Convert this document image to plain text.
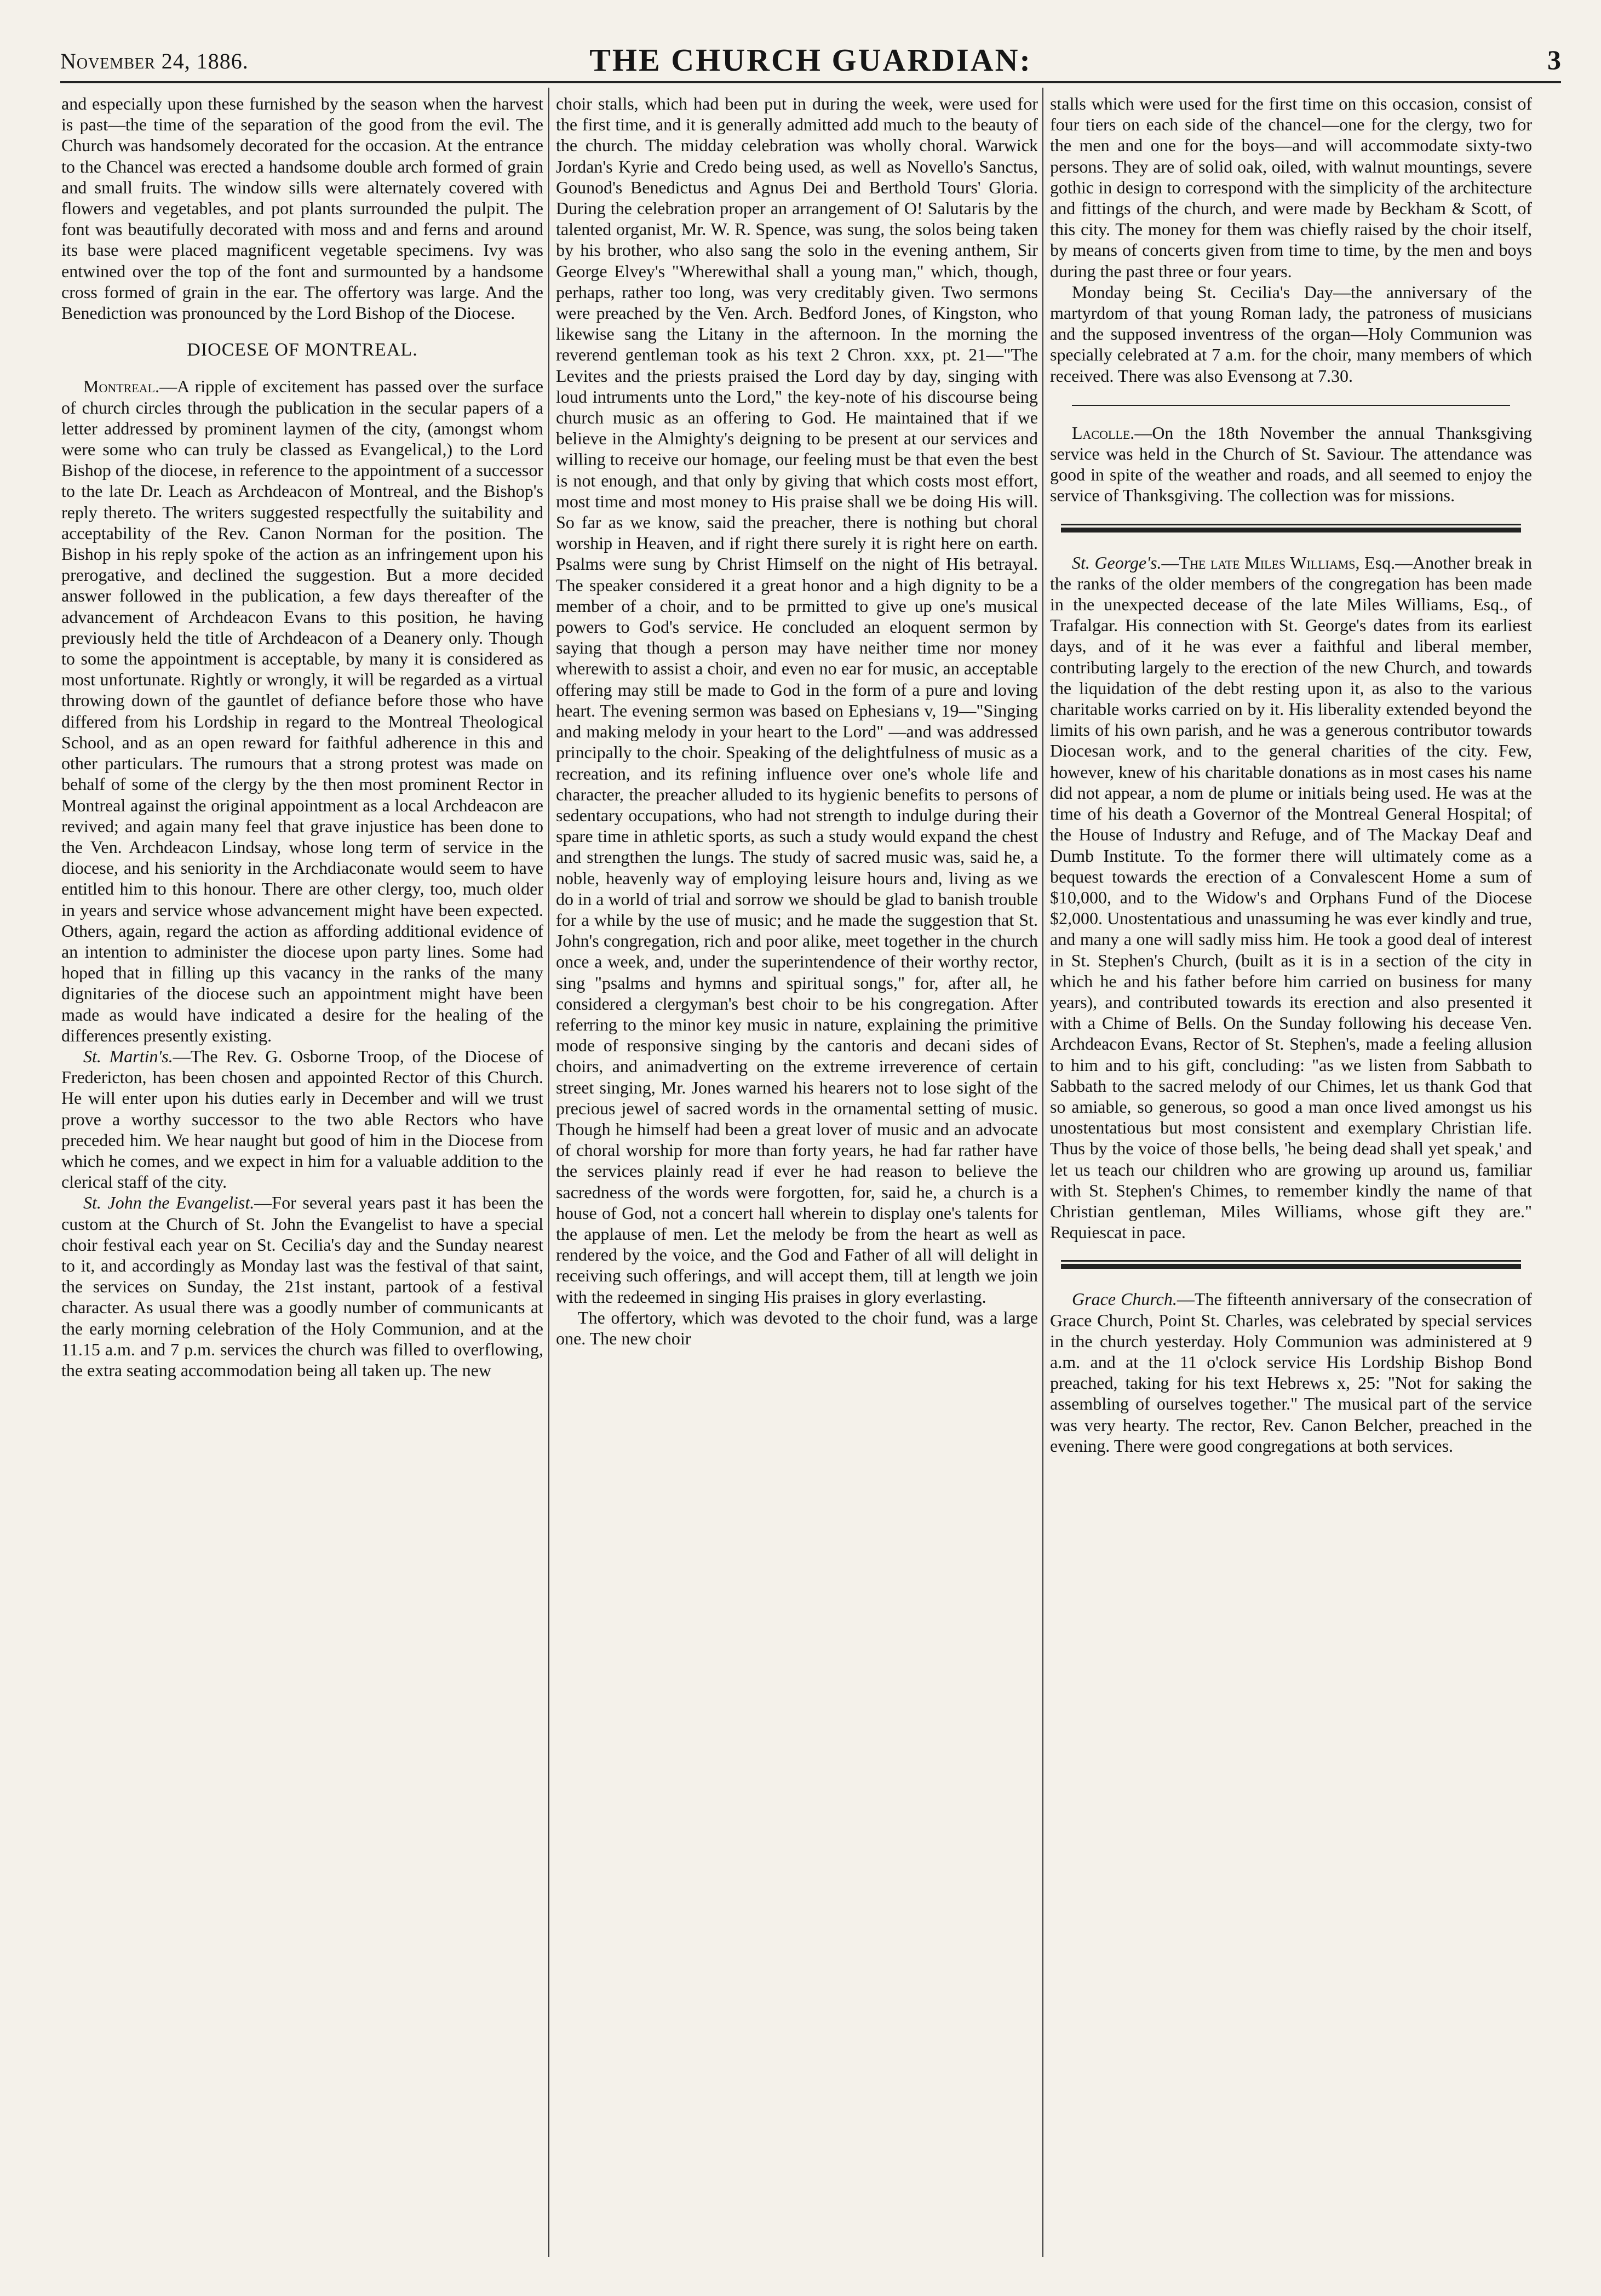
November 24, 1886.	THE CHURCH GUARDIAN:	3

and especially upon these furnished by the season when the harvest is past—the time of the separation of the good from the evil. The Church was handsomely decorated for the occasion. At the entrance to the Chancel was erected a handsome double arch formed of grain and small fruits. The window sills were alternately covered with flowers and vegetables, and pot plants surrounded the pulpit. The font was beautifully decorated with moss and and ferns and around its base were placed magnificent vegetable specimens. Ivy was entwined over the top of the font and surmounted by a handsome cross formed of grain in the ear. The offertory was large. And the Benediction was pronounced by the Lord Bishop of the Diocese.

DIOCESE OF MONTREAL.

Montreal.—A ripple of excitement has passed over the surface of church circles through the publication in the secular papers of a letter addressed by prominent laymen of the city, (amongst whom were some who can truly be classed as Evangelical,) to the Lord Bishop of the diocese, in reference to the appointment of a successor to the late Dr. Leach as Archdeacon of Montreal, and the Bishop's reply thereto. The writers suggested respectfully the suitability and acceptability of the Rev. Canon Norman for the position. The Bishop in his reply spoke of the action as an infringement upon his prerogative, and declined the suggestion. But a more decided answer followed in the publication, a few days thereafter of the advancement of Archdeacon Evans to this position, he having previously held the title of Archdeacon of a Deanery only. Though to some the appointment is acceptable, by many it is considered as most unfortunate. Rightly or wrongly, it will be regarded as a virtual throwing down of the gauntlet of defiance before those who have differed from his Lordship in regard to the Montreal Theological School, and as an open reward for faithful adherence in this and other particulars. The rumours that a strong protest was made on behalf of some of the clergy by the then most prominent Rector in Montreal against the original appointment as a local Archdeacon are revived; and again many feel that grave injustice has been done to the Ven. Archdeacon Lindsay, whose long term of service in the diocese, and his seniority in the Archdiaconate would seem to have entitled him to this honour. There are other clergy, too, much older in years and service whose advancement might have been expected. Others, again, regard the action as affording additional evidence of an intention to administer the diocese upon party lines. Some had hoped that in filling up this vacancy in the ranks of the many dignitaries of the diocese such an appointment might have been made as would have indicated a desire for the healing of the differences presently existing.

St. Martin's.—The Rev. G. Osborne Troop, of the Diocese of Fredericton, has been chosen and appointed Rector of this Church. He will enter upon his duties early in December and will we trust prove a worthy successor to the two able Rectors who have preceded him. We hear naught but good of him in the Diocese from which he comes, and we expect in him for a valuable addition to the clerical staff of the city.

St. John the Evangelist.—For several years past it has been the custom at the Church of St. John the Evangelist to have a special choir festival each year on St. Cecilia's day and the Sunday nearest to it, and accordingly as Monday last was the festival of that saint, the services on Sunday, the 21st instant, partook of a festival character. As usual there was a goodly number of communicants at the early morning celebration of the Holy Communion, and at the 11.15 a.m. and 7 p.m. services the church was filled to overflowing, the extra seating accommodation being all taken up. The new

choir stalls, which had been put in during the week, were used for the first time, and it is generally admitted add much to the beauty of the church. The midday celebration was wholly choral. Warwick Jordan's Kyrie and Credo being used, as well as Novello's Sanctus, Gounod's Benedictus and Agnus Dei and Berthold Tours' Gloria. During the celebration proper an arrangement of O! Salutaris by the talented organist, Mr. W. R. Spence, was sung, the solos being taken by his brother, who also sang the solo in the evening anthem, Sir George Elvey's "Wherewithal shall a young man," which, though, perhaps, rather too long, was very creditably given. Two sermons were preached by the Ven. Arch. Bedford Jones, of Kingston, who likewise sang the Litany in the afternoon. In the morning the reverend gentleman took as his text 2 Chron. xxx, pt. 21—"The Levites and the priests praised the Lord day by day, singing with loud intruments unto the Lord," the key-note of his discourse being church music as an offering to God. He maintained that if we believe in the Almighty's deigning to be present at our services and willing to receive our homage, our feeling must be that even the best is not enough, and that only by giving that which costs most effort, most time and most money to His praise shall we be doing His will. So far as we know, said the preacher, there is nothing but choral worship in Heaven, and if right there surely it is right here on earth. Psalms were sung by Christ Himself on the night of His betrayal. The speaker considered it a great honor and a high dignity to be a member of a choir, and to be prmitted to give up one's musical powers to God's service. He concluded an eloquent sermon by saying that though a person may have neither time nor money wherewith to assist a choir, and even no ear for music, an acceptable offering may still be made to God in the form of a pure and loving heart. The evening sermon was based on Ephesians v, 19—"Singing and making melody in your heart to the Lord" —and was addressed principally to the choir. Speaking of the delightfulness of music as a recreation, and its refining influence over one's whole life and character, the preacher alluded to its hygienic benefits to persons of sedentary occupations, who had not strength to indulge during their spare time in athletic sports, as such a study would expand the chest and strengthen the lungs. The study of sacred music was, said he, a noble, heavenly way of employing leisure hours and, living as we do in a world of trial and sorrow we should be glad to banish trouble for a while by the use of music; and he made the suggestion that St. John's congregation, rich and poor alike, meet together in the church once a week, and, under the superintendence of their worthy rector, sing "psalms and hymns and spiritual songs," for, after all, he considered a clergyman's best choir to be his congregation. After referring to the minor key music in nature, explaining the primitive mode of responsive singing by the cantoris and decani sides of choirs, and animadverting on the extreme irreverence of certain street singing, Mr. Jones warned his hearers not to lose sight of the precious jewel of sacred words in the ornamental setting of music. Though he himself had been a great lover of music and an advocate of choral worship for more than forty years, he had far rather have the services plainly read if ever he had reason to believe the sacredness of the words were forgotten, for, said he, a church is a house of God, not a concert hall wherein to display one's talents for the applause of men. Let the melody be from the heart as well as rendered by the voice, and the God and Father of all will delight in receiving such offerings, and will accept them, till at length we join with the redeemed in singing His praises in glory everlasting.

The offertory, which was devoted to the choir fund, was a large one. The new choir

stalls which were used for the first time on this occasion, consist of four tiers on each side of the chancel—one for the clergy, two for the men and one for the boys—and will accommodate sixty-two persons. They are of solid oak, oiled, with walnut mountings, severe gothic in design to correspond with the simplicity of the architecture and fittings of the church, and were made by Beckham & Scott, of this city. The money for them was chiefly raised by the choir itself, by means of concerts given from time to time, by the men and boys during the past three or four years.

Monday being St. Cecilia's Day—the anniversary of the martyrdom of that young Roman lady, the patroness of musicians and the supposed inventress of the organ—Holy Communion was specially celebrated at 7 a.m. for the choir, many members of which received. There was also Evensong at 7.30.

Lacolle.—On the 18th November the annual Thanksgiving service was held in the Church of St. Saviour. The attendance was good in spite of the weather and roads, and all seemed to enjoy the service of Thanksgiving. The collection was for missions.

St. George's.—The late Miles Williams, Esq.—Another break in the ranks of the older members of the congregation has been made in the unexpected decease of the late Miles Williams, Esq., of Trafalgar. His connection with St. George's dates from its earliest days, and of it he was ever a faithful and liberal member, contributing largely to the erection of the new Church, and towards the liquidation of the debt resting upon it, as also to the various charitable works carried on by it. His liberality extended beyond the limits of his own parish, and he was a generous contributor towards Diocesan work, and to the general charities of the city. Few, however, knew of his charitable donations as in most cases his name did not appear, a nom de plume or initials being used. He was at the time of his death a Governor of the Montreal General Hospital; of the House of Industry and Refuge, and of The Mackay Deaf and Dumb Institute. To the former there will ultimately come as a bequest towards the erection of a Convalescent Home a sum of $10,000, and to the Widow's and Orphans Fund of the Diocese $2,000. Unostentatious and unassuming he was ever kindly and true, and many a one will sadly miss him. He took a good deal of interest in St. Stephen's Church, (built as it is in a section of the city in which he and his father before him carried on business for many years), and contributed towards its erection and also presented it with a Chime of Bells. On the Sunday following his decease Ven. Archdeacon Evans, Rector of St. Stephen's, made a feeling allusion to him and to his gift, concluding: "as we listen from Sabbath to Sabbath to the sacred melody of our Chimes, let us thank God that so amiable, so generous, so good a man once lived amongst us his unostentatious but most consistent and exemplary Christian life. Thus by the voice of those bells, 'he being dead shall yet speak,' and let us teach our children who are growing up around us, familiar with St. Stephen's Chimes, to remember kindly the name of that Christian gentleman, Miles Williams, whose gift they are." Requiescat in pace.

Grace Church.—The fifteenth anniversary of the consecration of Grace Church, Point St. Charles, was celebrated by special services in the church yesterday. Holy Communion was administered at 9 a.m. and at the 11 o'clock service His Lordship Bishop Bond preached, taking for his text Hebrews x, 25: "Not for saking the assembling of ourselves together." The musical part of the service was very hearty. The rector, Rev. Canon Belcher, preached in the evening. There were good congregations at both services.
